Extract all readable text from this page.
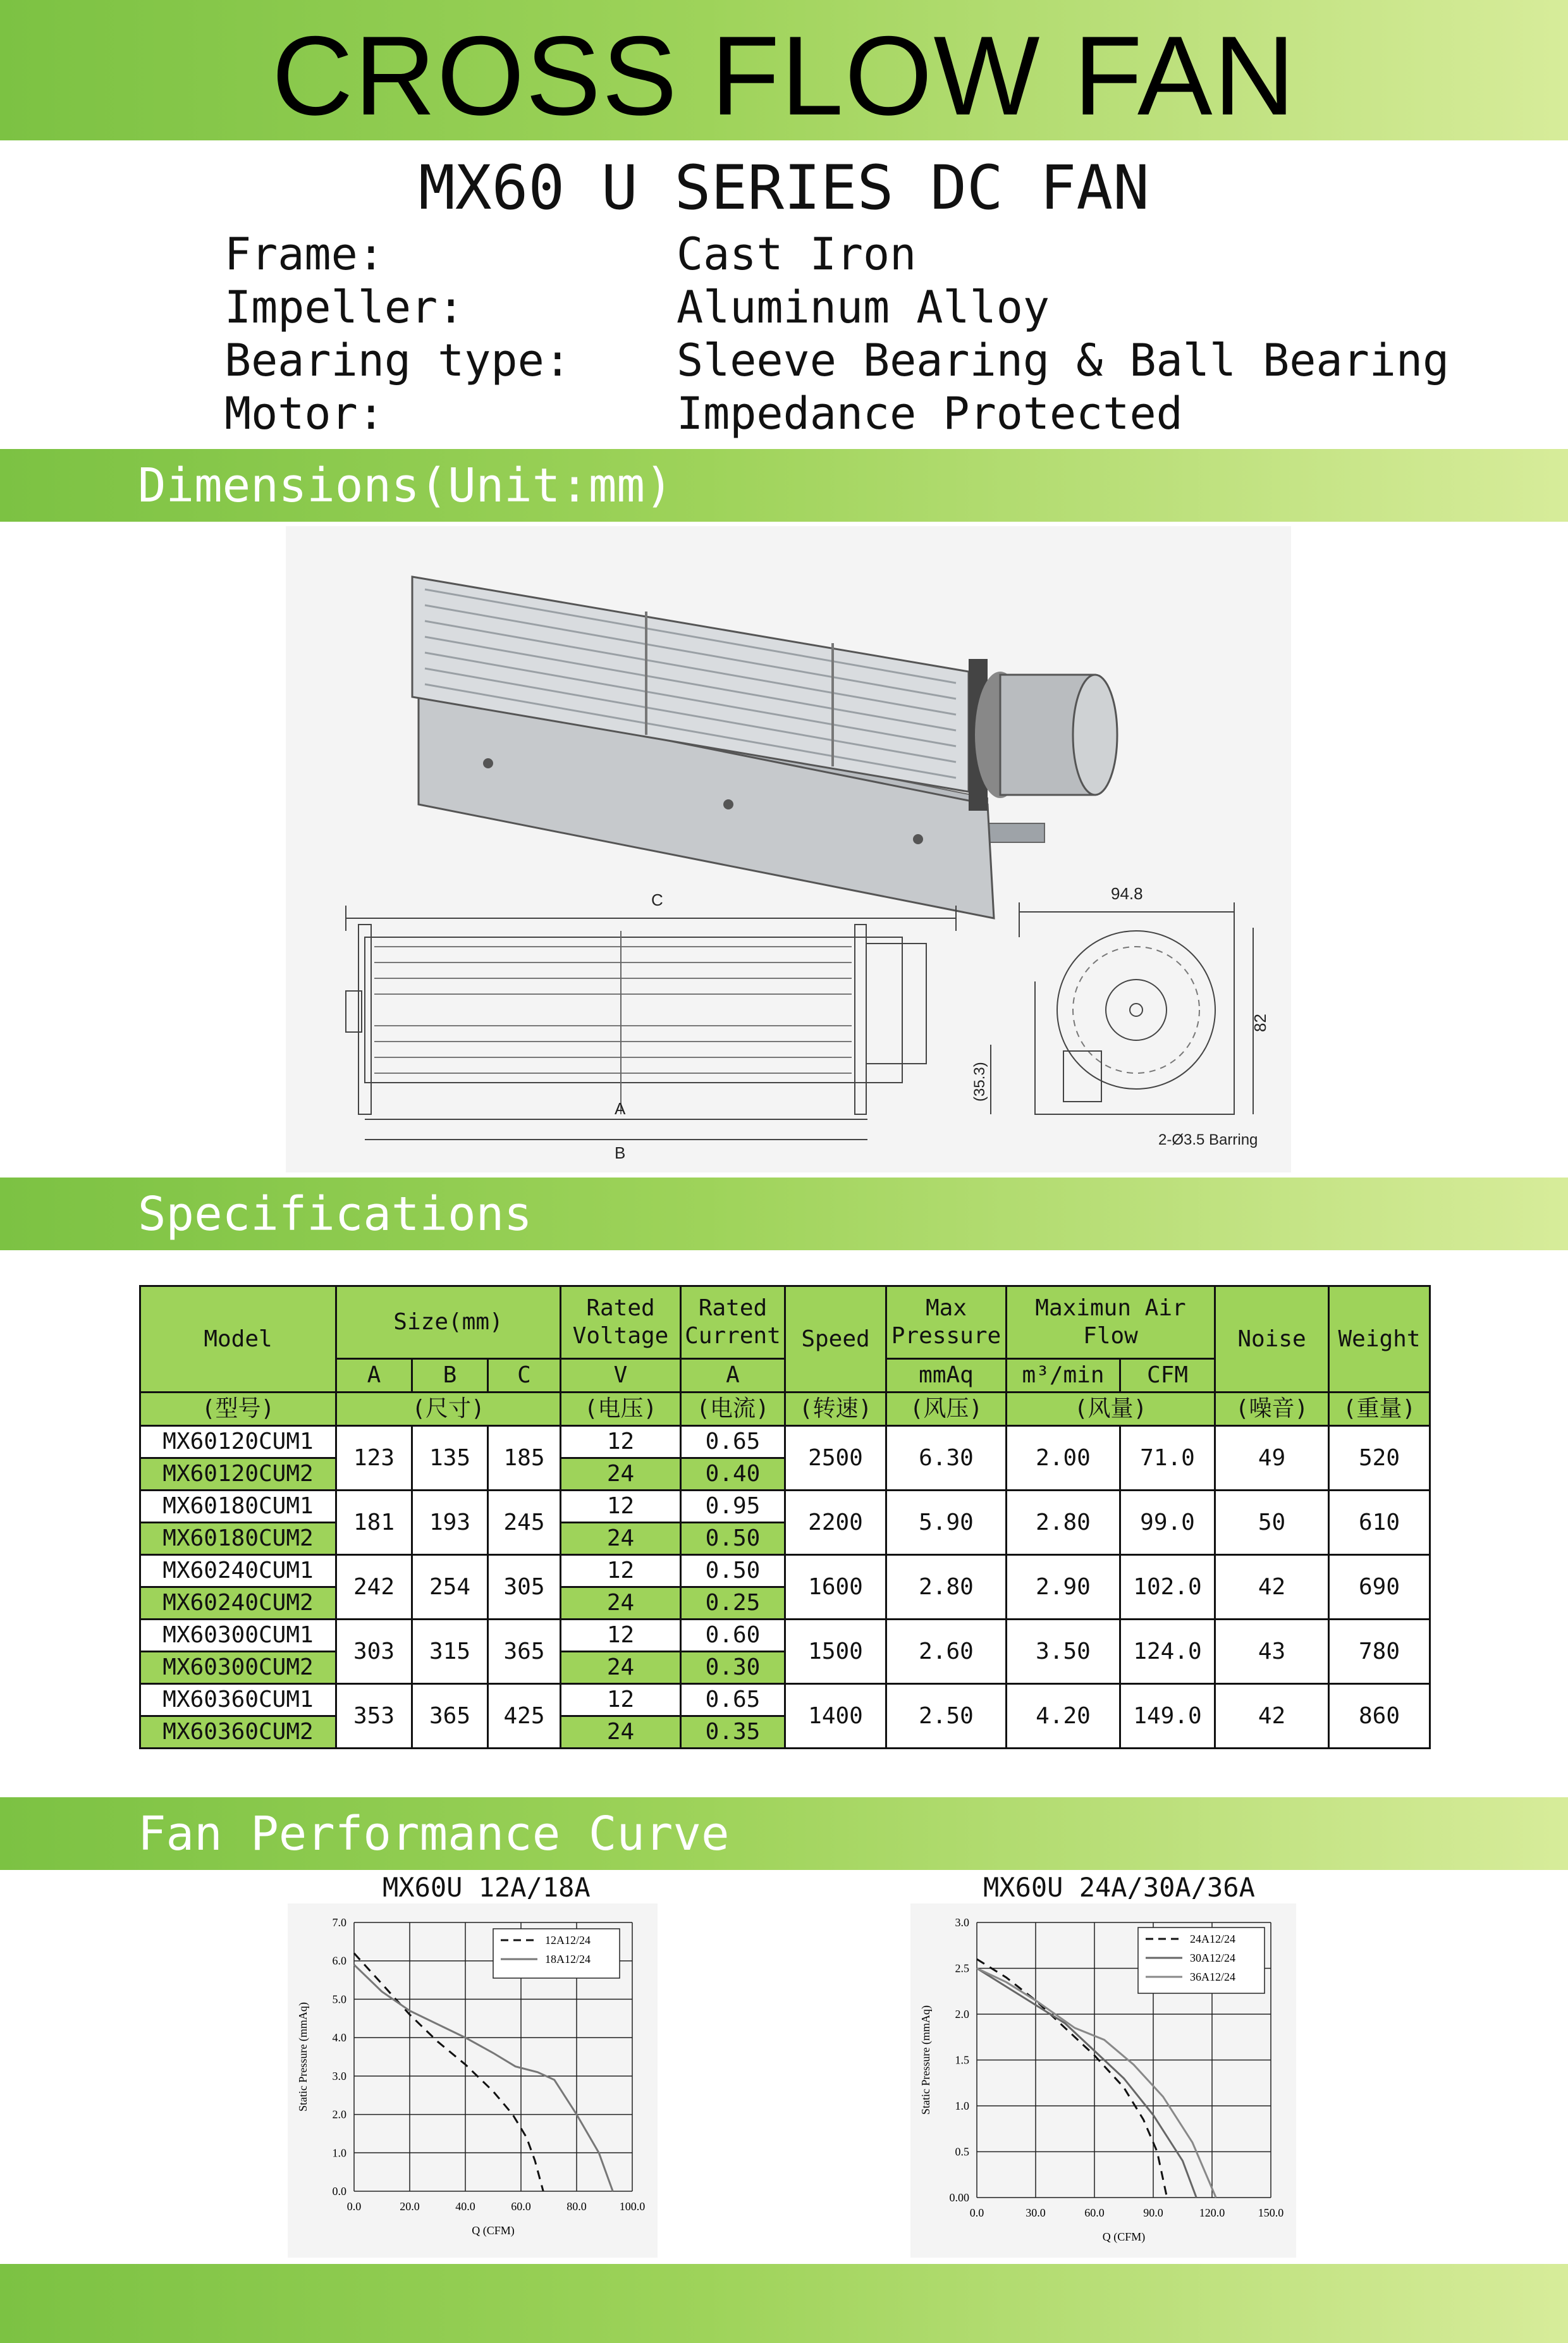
CROSS FLOW FAN
MX60 U SERIES DC FAN
Frame:	Cast Iron
Impeller:	Aluminum Alloy
Bearing type:	Sleeve Bearing & Ball Bearing
Motor:	Impedance Protected
Dimensions(Unit:mm)
C
A
B
94.8
82
(35.3)
2-Ø3.5 Barring
Specifications
Model	Size(mm)			Rated Voltage	Rated Current	Speed	Max Pressure	Maximun Air Flow		Noise	Weight
	A	B	C	V	A		mmAq	m³/min	CFM		
(型号)	(尺寸)			(电压)	(电流)	(转速)	(风压)	(风量)		(噪音)	(重量)
MX60120CUM1	123	135	185	12	0.65	2500	6.30	2.00	71.0	49	520
MX60120CUM2				24	0.40						
MX60180CUM1	181	193	245	12	0.95	2200	5.90	2.80	99.0	50	610
MX60180CUM2				24	0.50						
MX60240CUM1	242	254	305	12	0.50	1600	2.80	2.90	102.0	42	690
MX60240CUM2				24	0.25						
MX60300CUM1	303	315	365	12	0.60	1500	2.60	3.50	124.0	43	780
MX60300CUM2				24	0.30						
MX60360CUM1	353	365	425	12	0.65	1400	2.50	4.20	149.0	42	860
MX60360CUM2				24	0.35						
Fan Performance Curve
MX60U 12A/18A	MX60U 24A/30A/36A
0.0	20.0	40.0	60.0	80.0	100.0
0.0
1.0
2.0
3.0
4.0
5.0
6.0
7.0
Q (CFM)
Static Pressure (mmAq)
12A12/24
18A12/24
0.0	30.0	60.0	90.0	120.0	150.0
0.00
0.5
1.0
1.5
2.0
2.5
3.0
Q (CFM)
Static Pressure (mmAq)
24A12/24
30A12/24
36A12/24
